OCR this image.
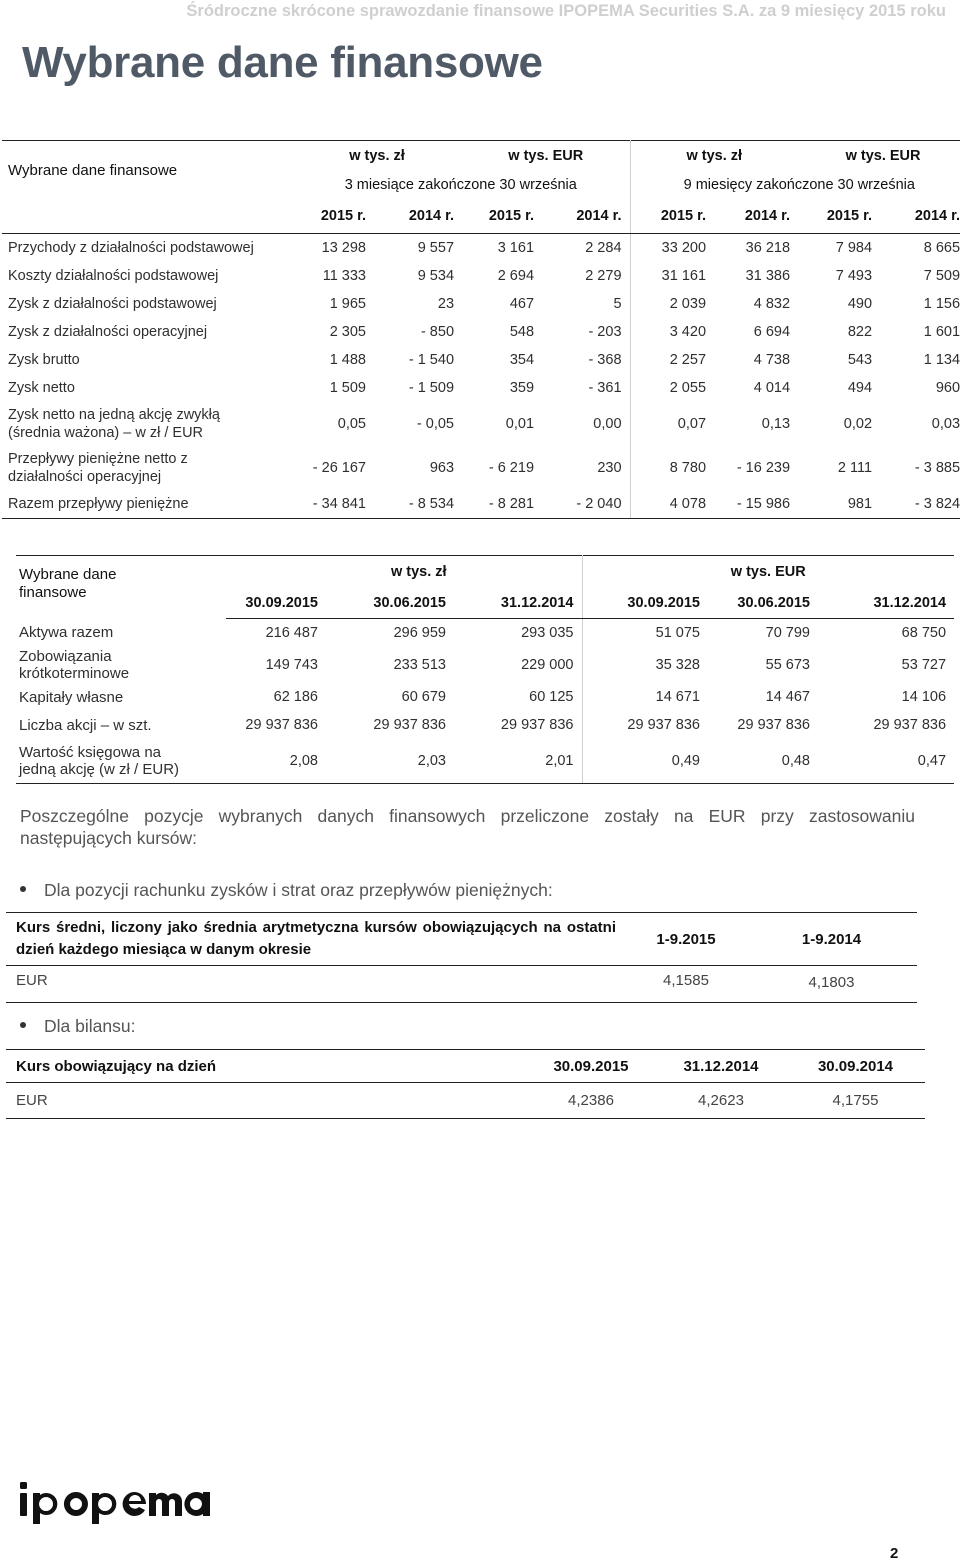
Śródroczne skrócone sprawozdanie finansowe IPOPEMA Securities S.A. za 9 miesięcy 2015 roku
Wybrane dane finansowe
Wybrane dane finansowe	w tys. zł		w tys. EUR		w tys. zł		w tys. EUR	
	3 miesiące zakończone 30 września				9 miesięcy zakończone 30 września			
	2015 r.	2014 r.	2015 r.	2014 r.	2015 r.	2014 r.	2015 r.	2014 r.

Przychody z działalności podstawowej	13 298	9 557	3 161	2 284	33 200	36 218	7 984	8 665

Koszty działalności podstawowej	11 333	9 534	2 694	2 279	31 161	31 386	7 493	7 509

Zysk z działalności podstawowej	1 965	23	467	5	2 039	4 832	490	1 156

Zysk z działalności operacyjnej	2 305	- 850	548	- 203	3 420	6 694	822	1 601

Zysk brutto	1 488	- 1 540	354	- 368	2 257	4 738	543	1 134

Zysk netto	1 509	- 1 509	359	- 361	2 055	4 014	494	960

Zysk netto na jedną akcję zwykłą
(średnia ważona) – w zł / EUR	0,05	- 0,05	0,01	0,00	0,07	0,13	0,02	0,03

Przepływy pieniężne netto z
działalności operacyjnej	- 26 167	963	- 6 219	230	8 780	- 16 239	2 111	- 3 885

Razem przepływy pieniężne	- 34 841	- 8 534	- 8 281	- 2 040	4 078	- 15 986	981	- 3 824
Wybrane dane
finansowe	w tys. zł			w tys. EUR		
	30.09.2015	30.06.2015	31.12.2014	30.09.2015	30.06.2015	31.12.2014

Aktywa razem	216 487	296 959	293 035	51 075	70 799	68 750

Zobowiązania
krótkoterminowe	149 743	233 513	229 000	35 328	55 673	53 727

Kapitały własne	62 186	60 679	60 125	14 671	14 467	14 106

Liczba akcji – w szt.	29 937 836	29 937 836	29 937 836	29 937 836	29 937 836	29 937 836

Wartość księgowa na
jedną akcję (w zł / EUR)	2,08	2,03	2,01	0,49	0,48	0,47
Poszczególne pozycje wybranych danych finansowych przeliczone zostały na EUR przy zastosowaniu następujących kursów:
Dla pozycji rachunku zysków i strat oraz przepływów pieniężnych:
Kurs średni, liczony jako średnia arytmetyczna kursów obowiązujących na ostatni dzień każdego miesiąca w danym okresie	1-9.2015	1-9.2014
EUR	4,1585	4,1803
Dla bilansu:
Kurs obowiązujący na dzień	30.09.2015	31.12.2014	30.09.2014
EUR	4,2386	4,2623	4,1755
2
